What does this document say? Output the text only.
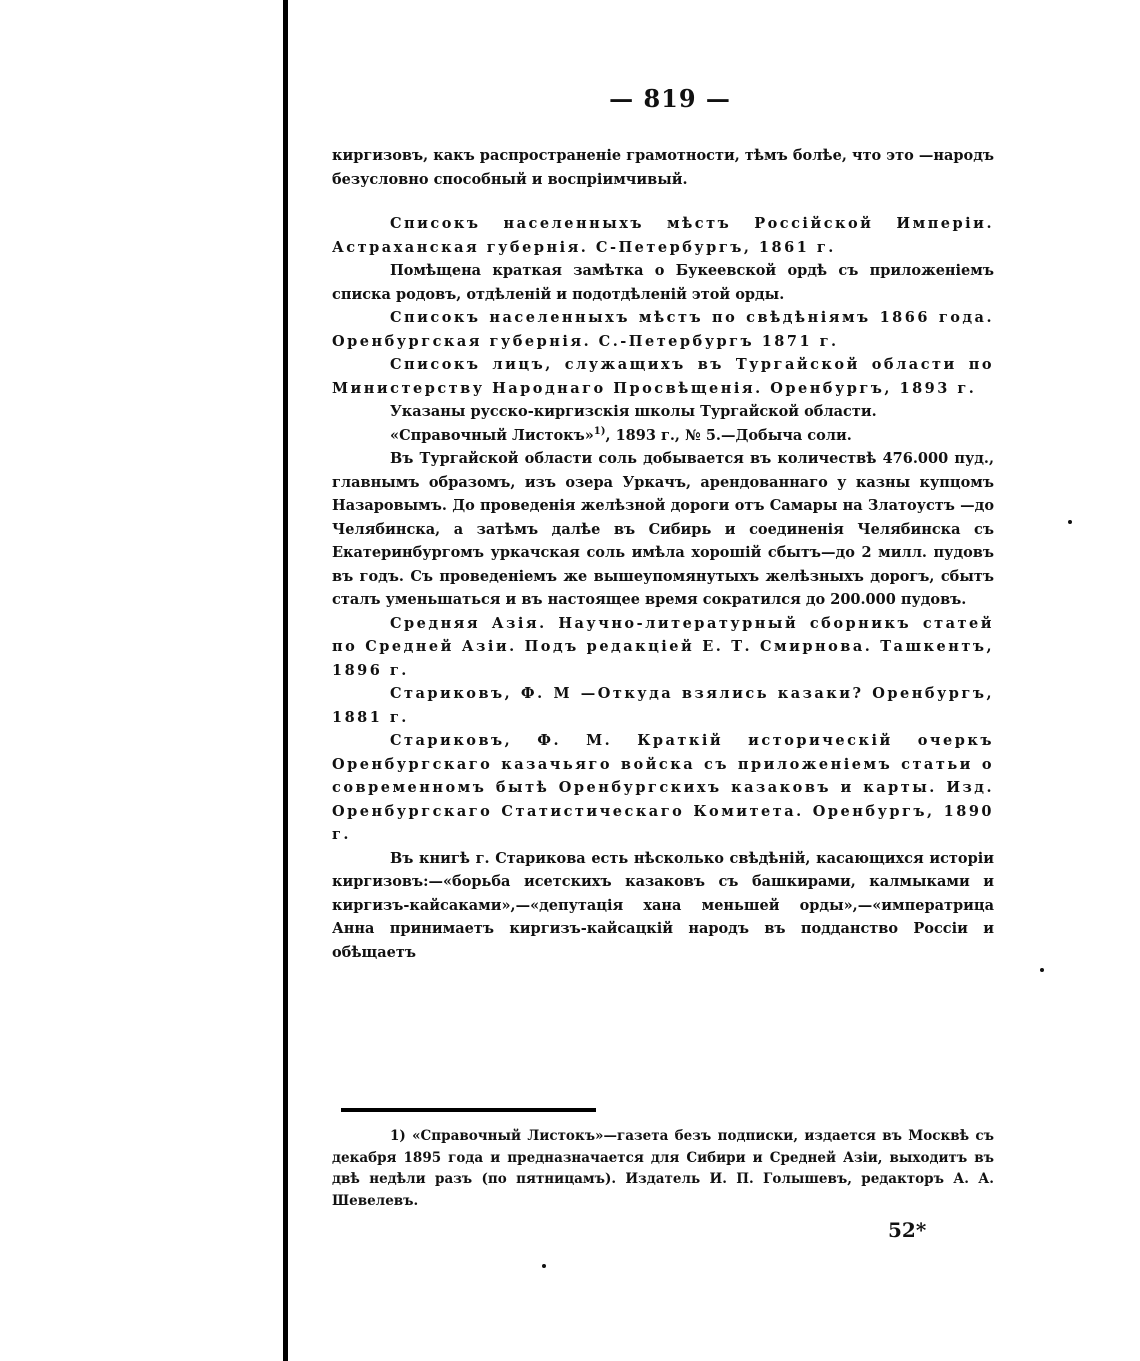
— 819 —

киргизовъ, какъ распространеніе грамотности, тѣмъ болѣе, что это —народъ безусловно способный и воспріимчивый.

Списокъ населенныхъ мѣстъ Россійской Имперіи. Астраханская губернія. С-Петербургъ, 1861 г.

Помѣщена краткая замѣтка о Букеевской ордѣ съ приложеніемъ списка родовъ, отдѣленій и подотдѣленій этой орды.

Списокъ населенныхъ мѣстъ по свѣдѣніямъ 1866 года. Оренбургская губернія. С.-Петербургъ 1871 г.

Списокъ лицъ, служащихъ въ Тургайской области по Министерству Народнаго Просвѣщенія. Оренбургъ, 1893 г.

Указаны русско-киргизскія школы Тургайской области.

«Справочный Листокъ»$^{1)}$, 1893 г., № 5.—Добыча соли.

Въ Тургайской области соль добывается въ количествѣ 476.000 пуд., главнымъ образомъ, изъ озера Уркачъ, арендованнаго у казны купцомъ Назаровымъ. До проведенія желѣзной дороги отъ Самары на Златоустъ —до Челябинска, а затѣмъ далѣе въ Сибирь и соединенія Челябинска съ Екатеринбургомъ уркачская соль имѣла хорошій сбытъ—до 2 милл. пудовъ въ годъ. Съ проведеніемъ же вышеупомянутыхъ желѣзныхъ дорогъ, сбытъ сталъ уменьшаться и въ настоящее время сократился до 200.000 пудовъ.

Средняя Азія. Научно-литературный сборникъ статей по Средней Азіи. Подъ редакціей Е. Т. Смирнова. Ташкентъ, 1896 г.

Стариковъ, Ф. М —Откуда взялись казаки? Оренбургъ, 1881 г.

Стариковъ, Ф. М. Краткій историческій очеркъ Оренбургскаго казачьяго войска съ приложеніемъ статьи о современномъ бытѣ Оренбургскихъ казаковъ и карты. Изд. Оренбургскаго Статистическаго Комитета. Оренбургъ, 1890 г.

Въ книгѣ г. Старикова есть нѣсколько свѣдѣній, касающихся исторіи киргизовъ:—«борьба исетскихъ казаковъ съ башкирами, калмыками и киргизъ-кайсаками»,—«депутація хана меньшей орды»,—«императрица Анна принимаетъ киргизъ-кайсацкій народъ въ подданство Россіи и обѣщаетъ

1) «Справочный Листокъ»—газета безъ подписки, издается въ Москвѣ съ декабря 1895 года и предназначается для Сибири и Средней Азіи, выходитъ въ двѣ недѣли разъ (по пятницамъ). Издатель И. П. Голышевъ, редакторъ А. А. Шевелевъ.

52*
